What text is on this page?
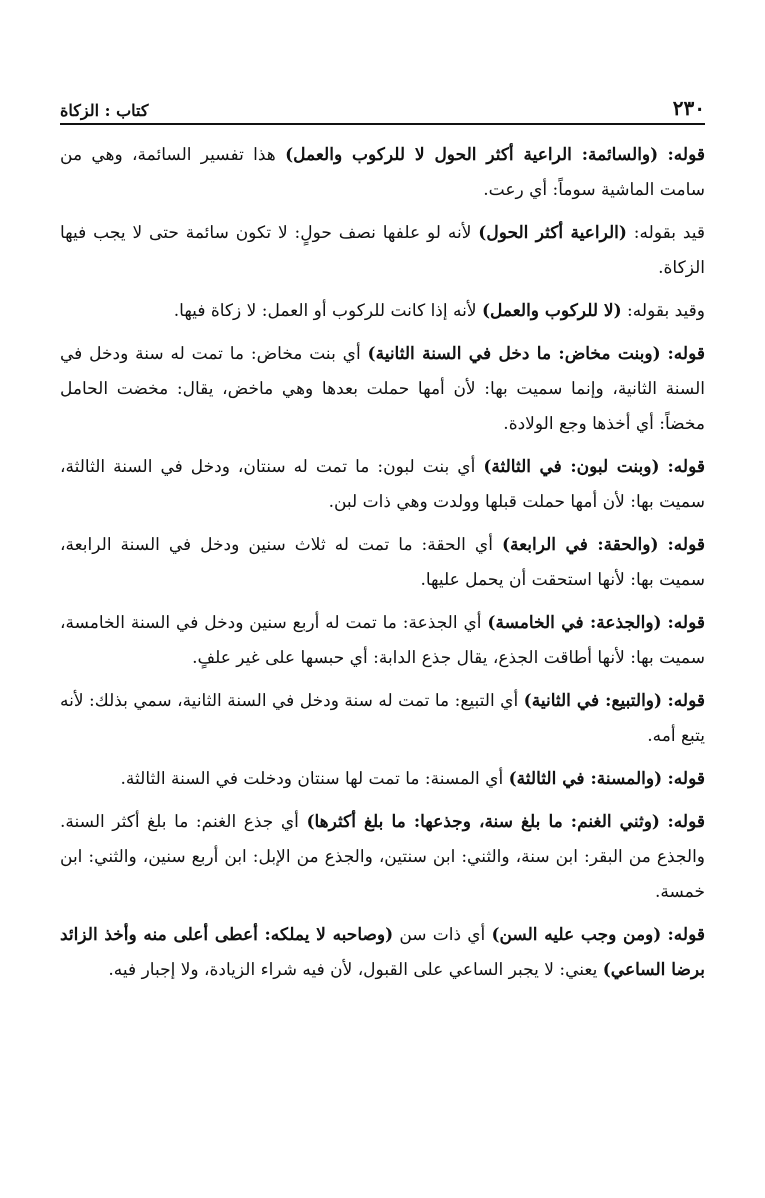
٢٣٠
كتاب : الزكاة

قوله: (والسائمة: الراعية أكثر الحول لا للركوب والعمل) هذا تفسير السائمة، وهي من سامت الماشية سوماً: أي رعت.

قيد بقوله: (الراعية أكثر الحول) لأنه لو علفها نصف حولٍ: لا تكون سائمة حتى لا يجب فيها الزكاة.

وقيد بقوله: (لا للركوب والعمل) لأنه إذا كانت للركوب أو العمل: لا زكاة فيها.

قوله: (وبنت مخاض: ما دخل في السنة الثانية) أي بنت مخاض: ما تمت له سنة ودخل في السنة الثانية، وإنما سميت بها: لأن أمها حملت بعدها وهي ماخض، يقال: مخضت الحامل مخضاً: أي أخذها وجع الولادة.

قوله: (وبنت لبون: في الثالثة) أي بنت لبون: ما تمت له سنتان، ودخل في السنة الثالثة، سميت بها: لأن أمها حملت قبلها وولدت وهي ذات لبن.

قوله: (والحقة: في الرابعة) أي الحقة: ما تمت له ثلاث سنين ودخل في السنة الرابعة، سميت بها: لأنها استحقت أن يحمل عليها.

قوله: (والجذعة: في الخامسة) أي الجذعة: ما تمت له أربع سنين ودخل في السنة الخامسة، سميت بها: لأنها أطاقت الجذع، يقال جذع الدابة: أي حبسها على غير علفٍ.

قوله: (والتبيع: في الثانية) أي التبيع: ما تمت له سنة ودخل في السنة الثانية، سمي بذلك: لأنه يتبع أمه.

قوله: (والمسنة: في الثالثة) أي المسنة: ما تمت لها سنتان ودخلت في السنة الثالثة.

قوله: (وثني الغنم: ما بلغ سنة، وجذعها: ما بلغ أكثرها) أي جذع الغنم: ما بلغ أكثر السنة. والجذع من البقر: ابن سنة، والثني: ابن سنتين، والجذع من الإبل: ابن أربع سنين، والثني: ابن خمسة.

قوله: (ومن وجب عليه السن) أي ذات سن (وصاحبه لا يملكه: أعطى أعلى منه وأخذ الزائد برضا الساعي) يعني: لا يجبر الساعي على القبول، لأن فيه شراء الزيادة، ولا إجبار فيه.
